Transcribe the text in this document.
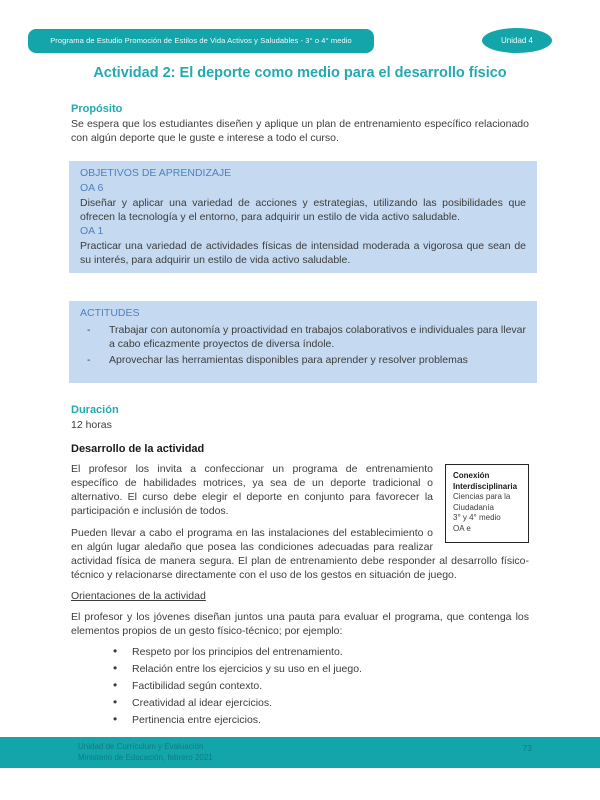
Programa de Estudio Promoción de Estilos de Vida Activos y Saludables - 3° o 4° medio	Unidad 4
Actividad 2: El deporte como medio para el desarrollo físico
Propósito

Se espera que los estudiantes diseñen y aplique un plan de entrenamiento específico relacionado con algún deporte que le guste e interese a todo el curso.

OBJETIVOS DE APRENDIZAJE
OA 6

Diseñar y aplicar una variedad de acciones y estrategias, utilizando las posibilidades que ofrecen la tecnología y el entorno, para adquirir un estilo de vida activo saludable.

OA 1

Practicar una variedad de actividades físicas de intensidad moderada a vigorosa que sean de su interés, para adquirir un estilo de vida activo saludable.

ACTITUDES
-	Trabajar con autonomía y proactividad en trabajos colaborativos e individuales para llevar a cabo eficazmente proyectos de diversa índole.

-	Aprovechar las herramientas disponibles para aprender y resolver problemas

Duración
12 horas
Desarrollo de la actividad
Conexión Interdisciplinaria
Ciencias para la Ciudadanía
3° y 4° medio
OA e

El profesor los invita a confeccionar un programa de entrenamiento específico de habilidades motrices, ya sea de un deporte tradicional o alternativo. El curso debe elegir el deporte en conjunto para favorecer la participación e inclusión de todos.

Pueden llevar a cabo el programa en las instalaciones del establecimiento o en algún lugar aledaño que posea las condiciones adecuadas para realizar actividad física de manera segura. El plan de entrenamiento debe responder al desarrollo físico-técnico y relacionarse directamente con el uso de los gestos en situación de juego.

Orientaciones de la actividad

El profesor y los jóvenes diseñan juntos una pauta para evaluar el programa, que contenga los elementos propios de un gesto físico-técnico; por ejemplo:

• Respeto por los principios del entrenamiento.
• Relación entre los ejercicios y su uso en el juego.
• Factibilidad según contexto.
• Creatividad al idear ejercicios.
• Pertinencia entre ejercicios.
Unidad de Currículum y Evaluación
Ministerio de Educación, febrero 2021
73
